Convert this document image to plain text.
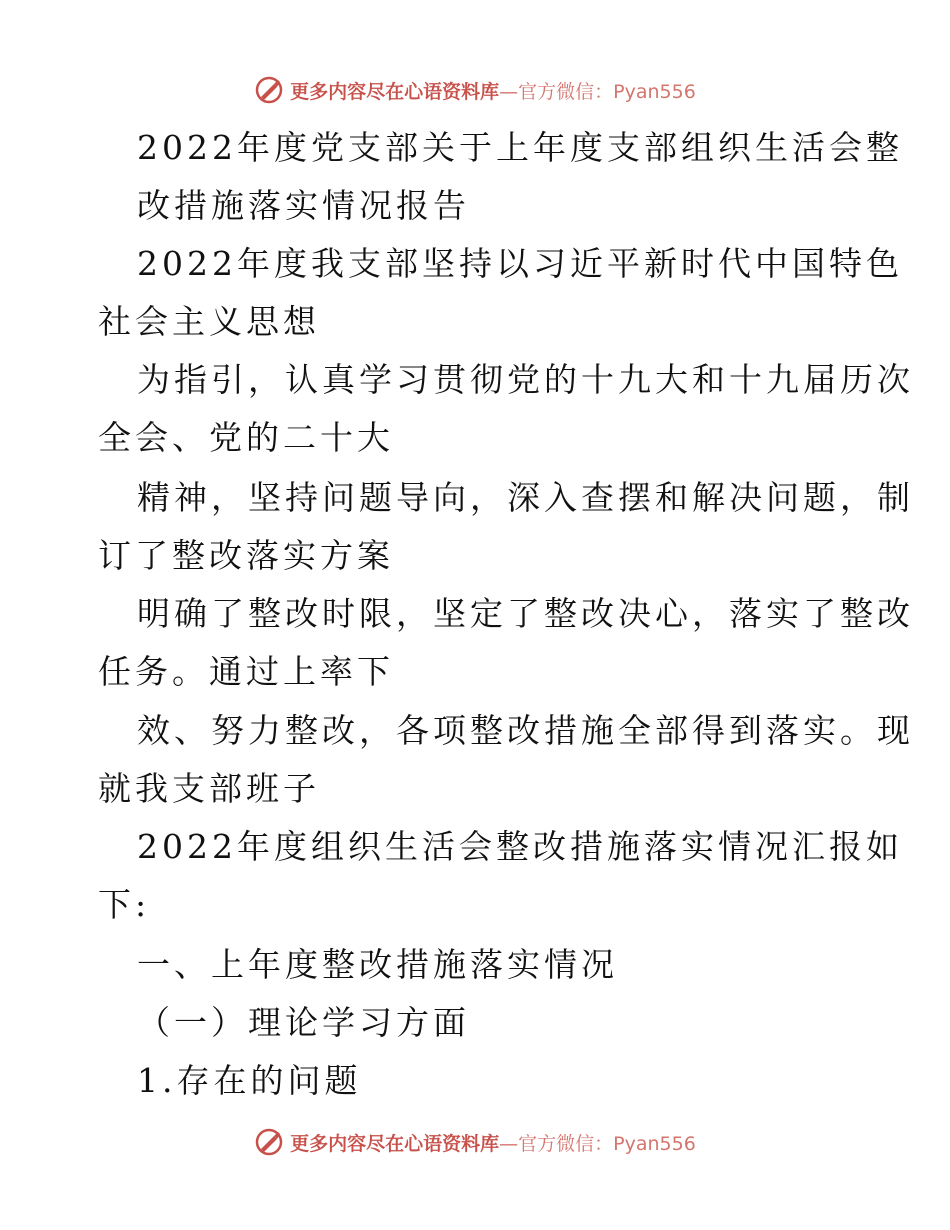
更多内容尽在心语资料库 —官方微信：Pyan556
2022年度党支部关于上年度支部组织生活会整
改措施落实情况报告
2022年度我支部坚持以习近平新时代中国特色
社会主义思想
为指引，认真学习贯彻党的十九大和十九届历次
全会、党的二十大
精神，坚持问题导向，深入查摆和解决问题，制
订了整改落实方案
明确了整改时限，坚定了整改决心，落实了整改
任务。通过上率下
效、努力整改，各项整改措施全部得到落实。现
就我支部班子
2022年度组织生活会整改措施落实情况汇报如
下:
一、上年度整改措施落实情况
（一）理论学习方面
1.存在的问题
更多内容尽在心语资料库 —官方微信：Pyan556
